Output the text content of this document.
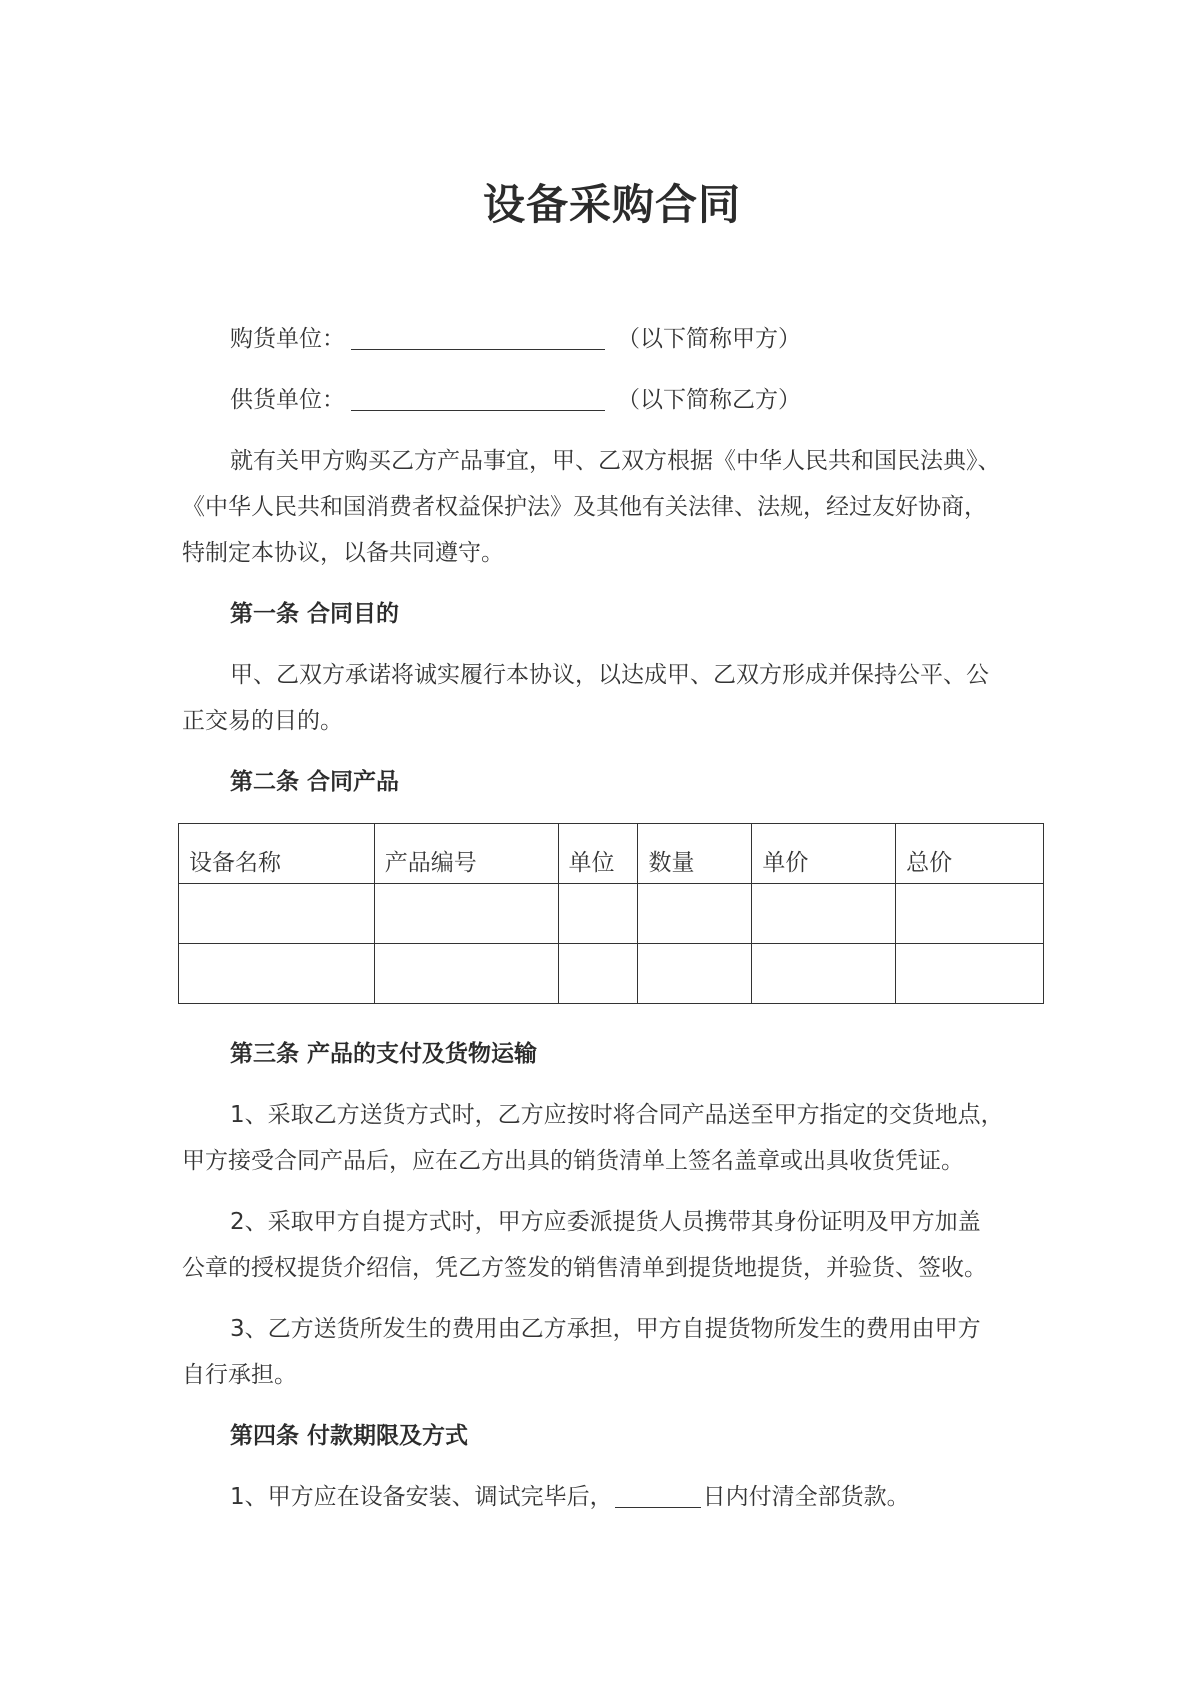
设备采购合同
购货单位：	（以下简称甲方）
供货单位：	（以下简称乙方）
就有关甲方购买乙方产品事宜，甲、乙双方根据《中华人民共和国民法典》、
《中华人民共和国消费者权益保护法》及其他有关法律、法规，经过友好协商，
特制定本协议，以备共同遵守。
第一条 合同目的
甲、乙双方承诺将诚实履行本协议，以达成甲、乙双方形成并保持公平、公
正交易的目的。
第二条 合同产品
设备名称	产品编号	单位	数量	单价	总价

第三条 产品的支付及货物运输
1、采取乙方送货方式时，乙方应按时将合同产品送至甲方指定的交货地点，
甲方接受合同产品后，应在乙方出具的销货清单上签名盖章或出具收货凭证。
2、采取甲方自提方式时，甲方应委派提货人员携带其身份证明及甲方加盖
公章的授权提货介绍信，凭乙方签发的销售清单到提货地提货，并验货、签收。
3、乙方送货所发生的费用由乙方承担，甲方自提货物所发生的费用由甲方
自行承担。
第四条 付款期限及方式
1、甲方应在设备安装、调试完毕后，	日内付清全部货款。
